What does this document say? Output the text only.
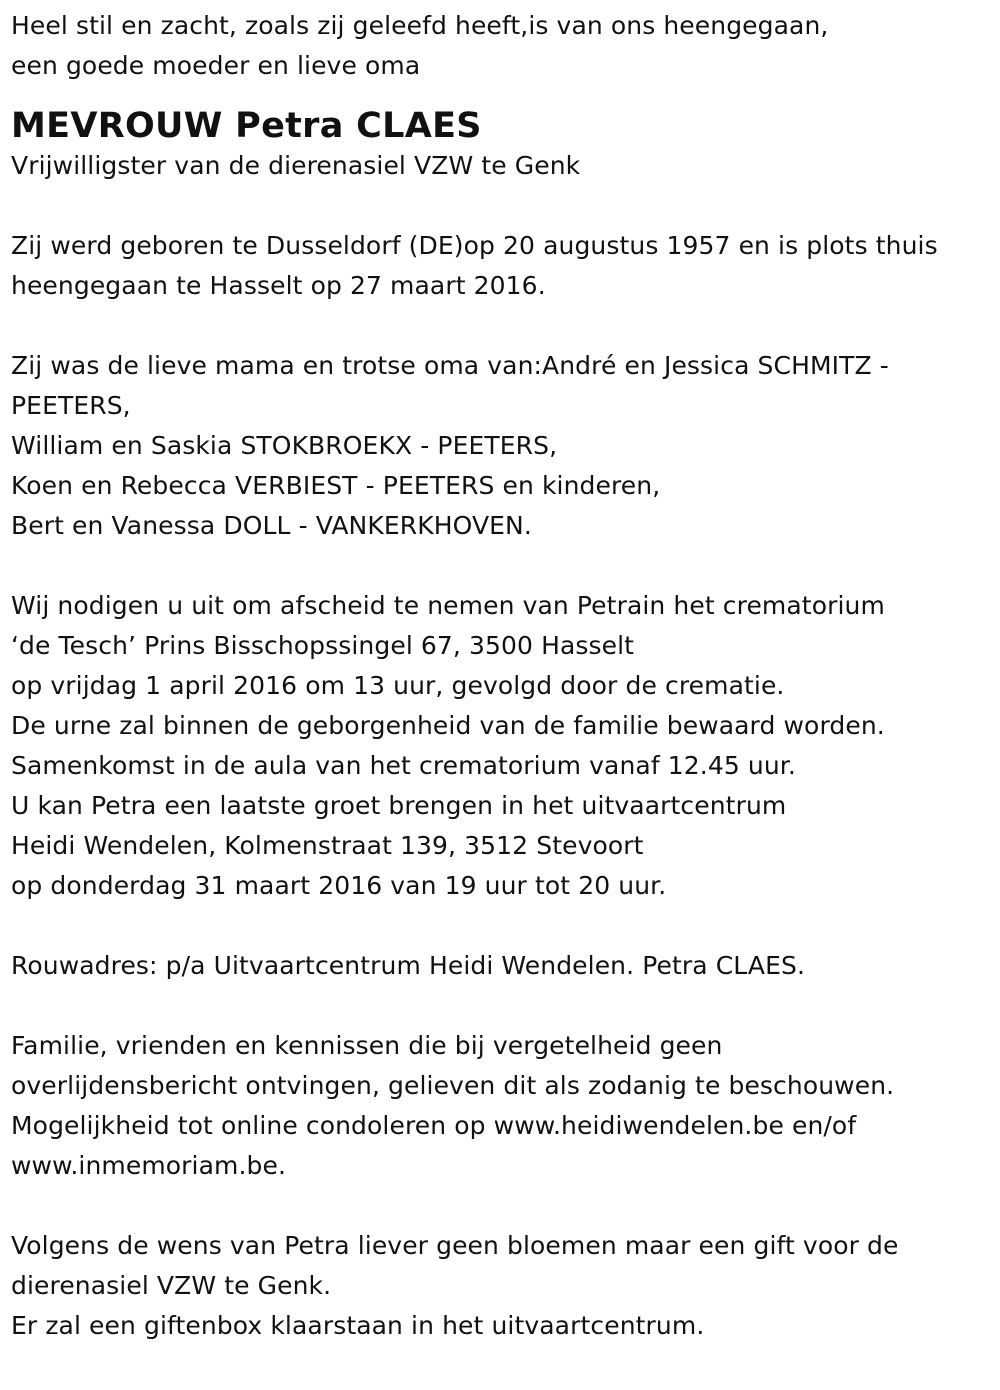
Heel stil en zacht, zoals zij geleefd heeft,is van ons heengegaan,
een goede moeder en lieve oma
MEVROUW Petra CLAES
Vrijwilligster van de dierenasiel VZW te Genk
Zij werd geboren te Dusseldorf (DE)op 20 augustus 1957 en is plots thuis
heengegaan te Hasselt op 27 maart 2016.
Zij was de lieve mama en trotse oma van:André en Jessica SCHMITZ -
PEETERS,
William en Saskia STOKBROEKX - PEETERS,
Koen en Rebecca VERBIEST - PEETERS en kinderen,
Bert en Vanessa DOLL - VANKERKHOVEN.
Wij nodigen u uit om afscheid te nemen van Petrain het crematorium
‘de Tesch’ Prins Bisschopssingel 67, 3500 Hasselt
op vrijdag 1 april 2016 om 13 uur, gevolgd door de crematie.
De urne zal binnen de geborgenheid van de familie bewaard worden.
Samenkomst in de aula van het crematorium vanaf 12.45 uur.
U kan Petra een laatste groet brengen in het uitvaartcentrum
Heidi Wendelen, Kolmenstraat 139, 3512 Stevoort
op donderdag 31 maart 2016 van 19 uur tot 20 uur.
Rouwadres: p/a Uitvaartcentrum Heidi Wendelen. Petra CLAES.
Familie, vrienden en kennissen die bij vergetelheid geen
overlijdensbericht ontvingen, gelieven dit als zodanig te beschouwen.
Mogelijkheid tot online condoleren op www.heidiwendelen.be en/of
www.inmemoriam.be.
Volgens de wens van Petra liever geen bloemen maar een gift voor de
dierenasiel VZW te Genk.
Er zal een giftenbox klaarstaan in het uitvaartcentrum.
